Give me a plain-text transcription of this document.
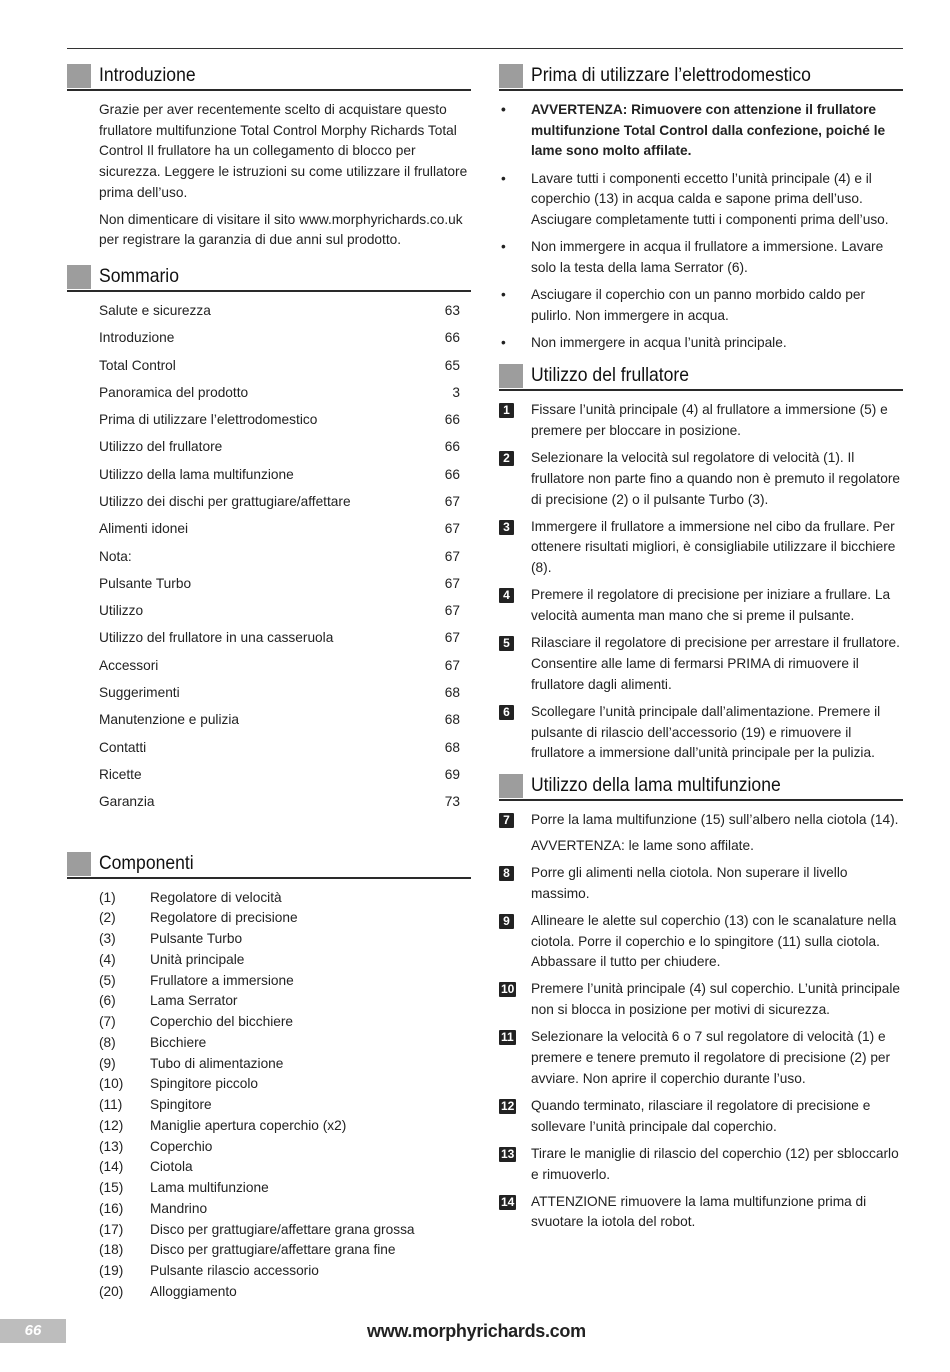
Introduzione

Grazie per aver recentemente scelto di acquistare questo frullatore multifunzione Total Control Morphy Richards Total Control Il frullatore ha un collegamento di blocco per sicurezza. Leggere le istruzioni su come utilizzare il frullatore prima dell’uso.

Non dimenticare di visitare il sito www.morphyrichards.co.uk per registrare la garanzia di due anni sul prodotto.

Sommario
Salute e sicurezza	63
Introduzione	66
Total Control	65
Panoramica del prodotto	3
Prima di utilizzare l’elettrodomestico	66
Utilizzo del frullatore	66
Utilizzo della lama multifunzione	66
Utilizzo dei dischi per grattugiare/affettare	67
Alimenti idonei	67
Nota:	67
Pulsante Turbo	67
Utilizzo	67
Utilizzo del frullatore in una casseruola	67
Accessori	67
Suggerimenti	68
Manutenzione e pulizia	68
Contatti	68
Ricette	69
Garanzia	73
Componenti
(1)	Regolatore di velocità
(2)	Regolatore di precisione
(3)	Pulsante Turbo
(4)	Unità principale
(5)	Frullatore a immersione
(6)	Lama Serrator
(7)	Coperchio del bicchiere
(8)	Bicchiere
(9)	Tubo di alimentazione
(10) Spingitore piccolo
(11) Spingitore
(12) Maniglie apertura coperchio (x2)
(13) Coperchio
(14) Ciotola
(15) Lama multifunzione
(16) Mandrino
(17) Disco per grattugiare/affettare grana grossa
(18) Disco per grattugiare/affettare grana fine
(19) Pulsante rilascio accessorio
(20) Alloggiamento
Prima di utilizzare l’elettrodomestico
• AVVERTENZA: Rimuovere con attenzione il frullatore multifunzione Total Control dalla confezione, poiché le lame sono molto affilate.
• Lavare tutti i componenti eccetto l’unità principale (4) e il coperchio (13) in acqua calda e sapone prima dell’uso. Asciugare completamente tutti i componenti prima dell’uso.
• Non immergere in acqua il frullatore a immersione. Lavare solo la testa della lama Serrator (6).
• Asciugare il coperchio con un panno morbido caldo per pulirlo. Non immergere in acqua.
• Non immergere in acqua l’unità principale.
Utilizzo del frullatore
1	Fissare l’unità principale (4) al frullatore a immersione (5) e premere per bloccare in posizione.
2	Selezionare la velocità sul regolatore di velocità (1). Il frullatore non parte fino a quando non è premuto il regolatore di precisione (2) o il pulsante Turbo (3).
3	Immergere il frullatore a immersione nel cibo da frullare. Per ottenere risultati migliori, è consigliabile utilizzare il bicchiere (8).
4	Premere il regolatore di precisione per iniziare a frullare. La velocità aumenta man mano che si preme il pulsante.
5	Rilasciare il regolatore di precisione per arrestare il frullatore. Consentire alle lame di fermarsi PRIMA di rimuovere il frullatore dagli alimenti.
6	Scollegare l’unità principale dall’alimentazione. Premere il pulsante di rilascio dell’accessorio (19) e rimuovere il frullatore a immersione dall’unità principale per la pulizia.
Utilizzo della lama multifunzione
7	Porre la lama multifunzione (15) sull’albero nella ciotola (14).
AVVERTENZA: le lame sono affilate.
8	Porre gli alimenti nella ciotola. Non superare il livello massimo.
9	Allineare le alette sul coperchio (13) con le scanalature nella ciotola. Porre il coperchio e lo spingitore (11) sulla ciotola. Abbassare il tutto per chiudere.
10 Premere l’unità principale (4) sul coperchio. L’unità principale non si blocca in posizione per motivi di sicurezza.
11 Selezionare la velocità 6 o 7 sul regolatore di velocità (1) e premere e tenere premuto il regolatore di precisione (2) per avviare. Non aprire il coperchio durante l’uso.
12 Quando terminato, rilasciare il regolatore di precisione e sollevare l’unità principale dal coperchio.
13 Tirare le maniglie di rilascio del coperchio (12) per sbloccarlo e rimuoverlo.
14 ATTENZIONE rimuovere la lama multifunzione prima di svuotare la iotola del robot.
66	www.morphyrichards.com
